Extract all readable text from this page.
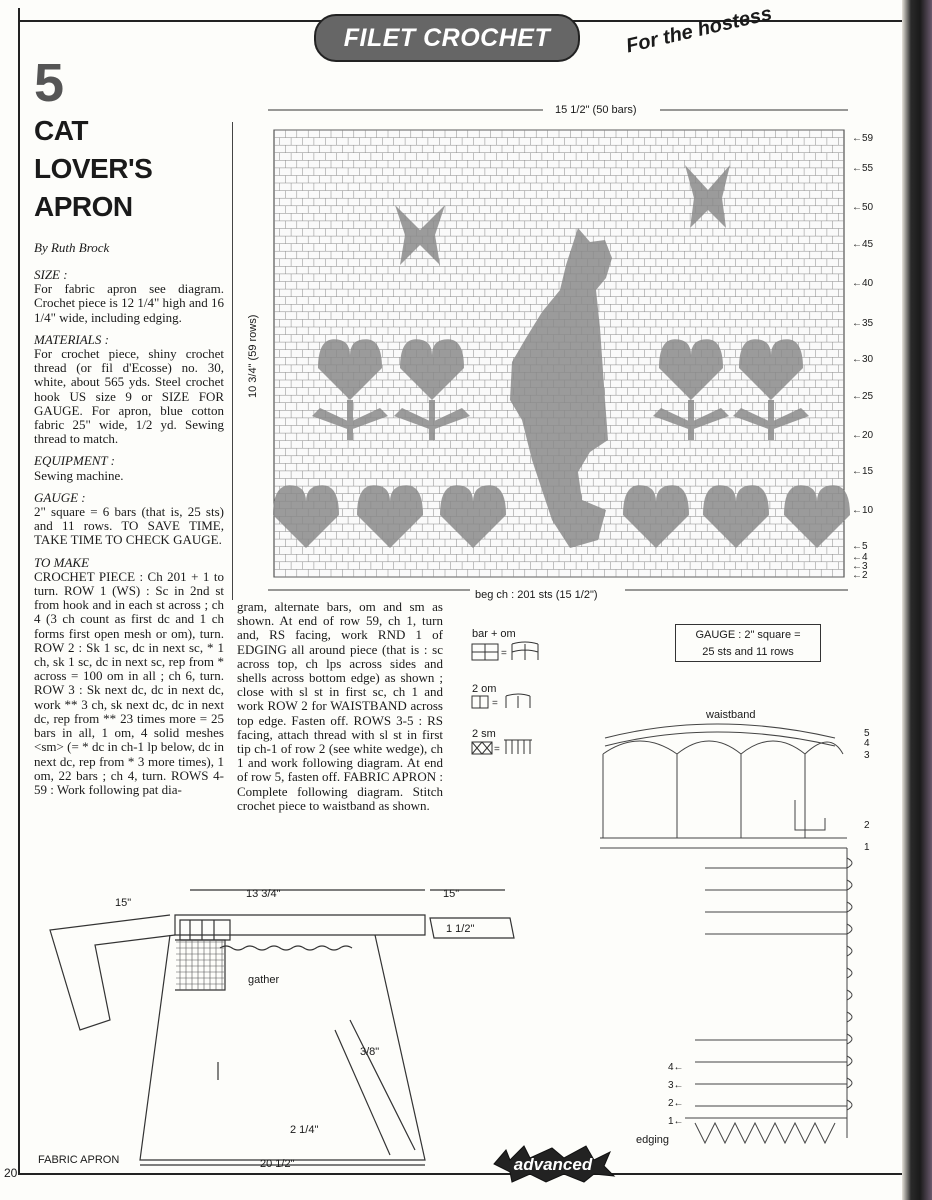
FILET CROCHET	For the hostess
20
5
CAT
LOVER'S
APRON
By Ruth Brock
SIZE :
For fabric apron see diagram. Crochet piece is 12 1/4" high and 16 1/4" wide, including edging.
MATERIALS :
For crochet piece, shiny crochet thread (or fil d'Ecosse) no. 30, white, about 565 yds. Steel crochet hook US size 9 or SIZE FOR GAUGE. For apron, blue cotton fabric 25" wide, 1/2 yd. Sewing thread to match.
EQUIPMENT :
Sewing machine.
GAUGE :
2" square = 6 bars (that is, 25 sts) and 11 rows. TO SAVE TIME, TAKE TIME TO CHECK GAUGE.
TO MAKE
CROCHET PIECE : Ch 201 + 1 to turn. ROW 1 (WS) : Sc in 2nd st from hook and in each st across ; ch 4 (3 ch count as first dc and 1 ch forms first open mesh or om), turn. ROW 2 : Sk 1 sc, dc in next sc, * 1 ch, sk 1 sc, dc in next sc, rep from * across = 100 om in all ; ch 6, turn. ROW 3 : Sk next dc, dc in next dc, work ** 3 ch, sk next dc, dc in next dc, rep from ** 23 times more = 25 bars in all, 1 om, 4 solid meshes <sm> (= * dc in ch-1 lp below, dc in next dc, rep from * 3 more times), 1 om, 22 bars ; ch 4, turn. ROWS 4-59 : Work following pat dia-
gram, alternate bars, om and sm as shown. At end of row 59, ch 1, turn and, RS facing, work RND 1 of EDGING all around piece (that is : sc across top, ch lps across sides and shells across bottom edge) as shown ; close with sl st in first sc, ch 1 and work ROW 2 for WAISTBAND across top edge. Fasten off. ROWS 3-5 : RS facing, attach thread with sl st in first tip ch-1 of row 2 (see white wedge), ch 1 and work following diagram. At end of row 5, fasten off. FABRIC APRON : Complete following diagram. Stitch crochet piece to waistband as shown.
15 1/2" (50 bars)
10 3/4" (59 rows)
beg ch : 201 sts (15 1/2")
←59
←55
←50
←45
←40
←35
←30
←25
←20
←15
←10
←5
←4
←3
←2
bar + om
2 om
2 sm
=
=
=
GAUGE : 2" square =
25 sts and 11 rows
waistband
5
4
3
2
1
4←
3←
2←
1←
edging
15"
13 3/4"	15"
1 1/2"
gather
3/8"
2 1/4"
20 1/2"
FABRIC APRON	advanced
